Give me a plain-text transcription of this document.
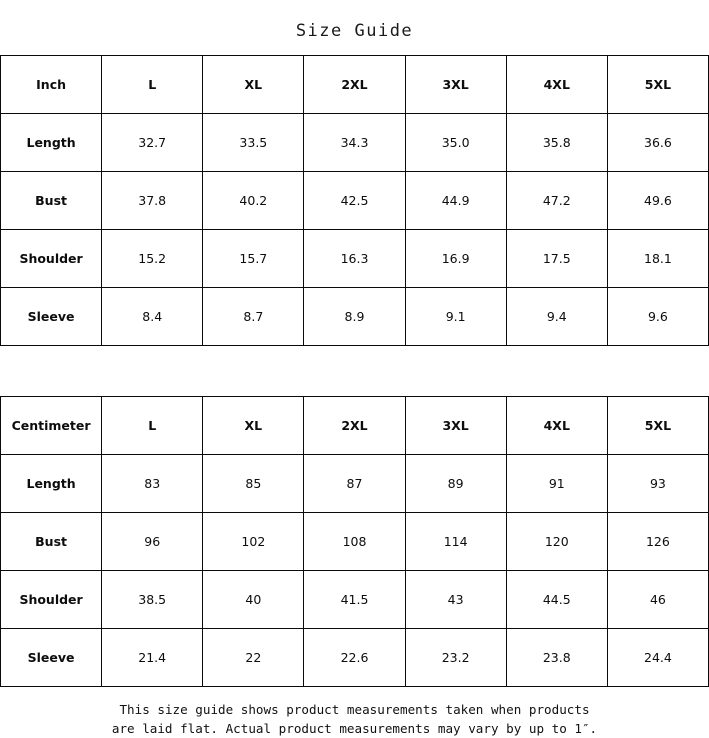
Size Guide
Inch	L	XL	2XL	3XL	4XL	5XL
Length	32.7	33.5	34.3	35.0	35.8	36.6
Bust	37.8	40.2	42.5	44.9	47.2	49.6
Shoulder	15.2	15.7	16.3	16.9	17.5	18.1
Sleeve	8.4	8.7	8.9	9.1	9.4	9.6
Centimeter	L	XL	2XL	3XL	4XL	5XL
Length	83	85	87	89	91	93
Bust	96	102	108	114	120	126
Shoulder	38.5	40	41.5	43	44.5	46
Sleeve	21.4	22	22.6	23.2	23.8	24.4
This size guide shows product measurements taken when products
are laid flat. Actual product measurements may vary by up to 1″.
